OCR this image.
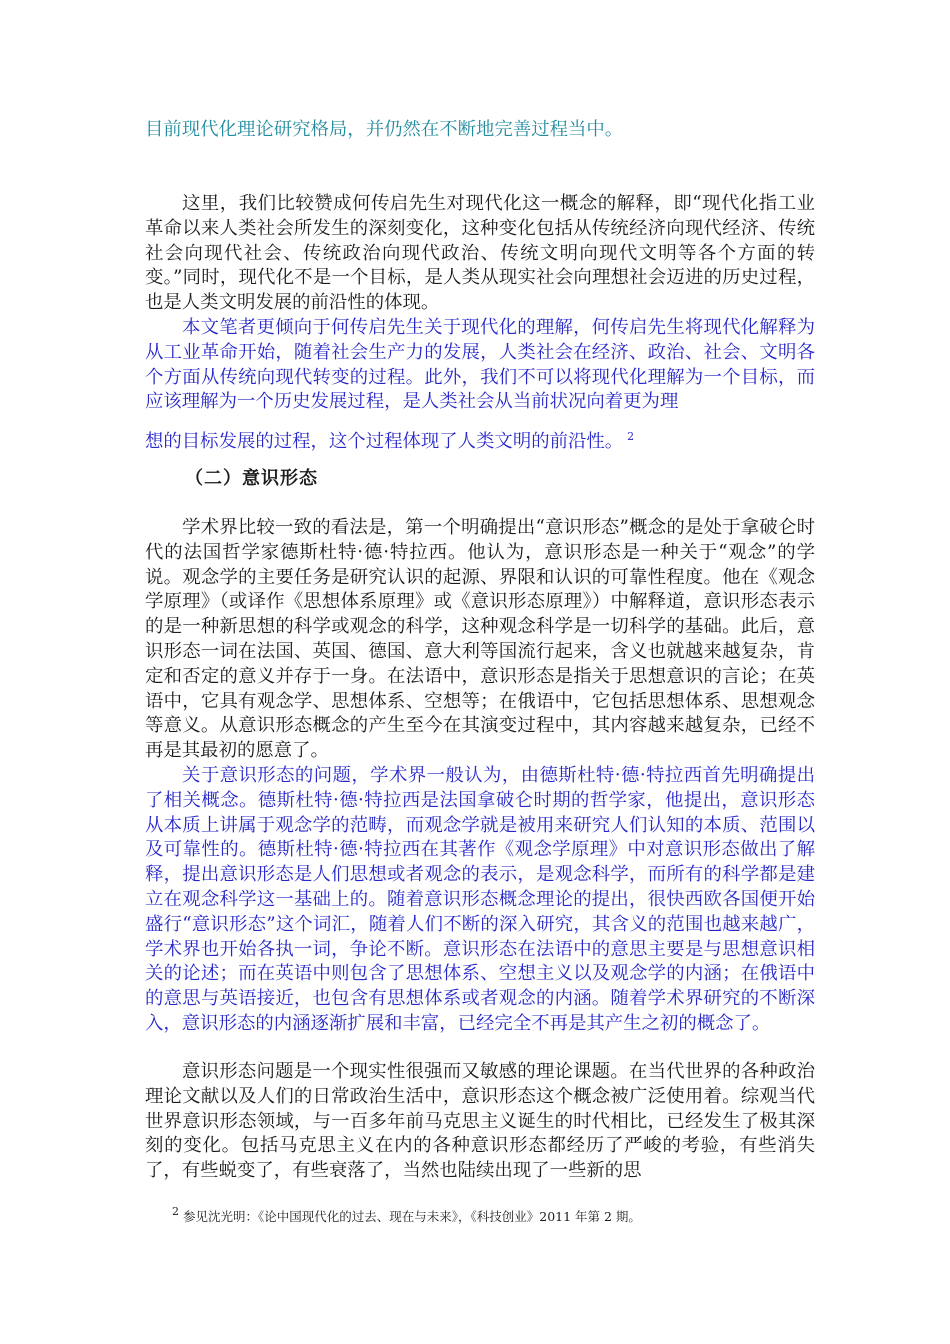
目前现代化理论研究格局，并仍然在不断地完善过程当中。

这里，我们比较赞成何传启先生对现代化这一概念的解释，即“现代化指工业革命以来人类社会所发生的深刻变化，这种变化包括从传统经济向现代经济、传统社会向现代社会、传统政治向现代政治、传统文明向现代文明等各个方面的转变。”同时，现代化不是一个目标，是人类从现实社会向理想社会迈进的历史过程，也是人类文明发展的前沿性的体现。

本文笔者更倾向于何传启先生关于现代化的理解，何传启先生将现代化解释为从工业革命开始，随着社会生产力的发展，人类社会在经济、政治、社会、文明各个方面从传统向现代转变的过程。此外，我们不可以将现代化理解为一个目标，而应该理解为一个历史发展过程，是人类社会从当前状况向着更为理

想的目标发展的过程，这个过程体现了人类文明的前沿性。 $^2$

（二）意识形态

学术界比较一致的看法是，第一个明确提出“意识形态”概念的是处于拿破仑时代的法国哲学家德斯杜特·德·特拉西。他认为，意识形态是一种关于“观念”的学说。观念学的主要任务是研究认识的起源、界限和认识的可靠性程度。他在《观念学原理》（或译作《思想体系原理》或《意识形态原理》）中解释道，意识形态表示的是一种新思想的科学或观念的科学，这种观念科学是一切科学的基础。此后，意识形态一词在法国、英国、德国、意大利等国流行起来，含义也就越来越复杂，肯定和否定的意义并存于一身。在法语中，意识形态是指关于思想意识的言论；在英语中，它具有观念学、思想体系、空想等；在俄语中，它包括思想体系、思想观念等意义。从意识形态概念的产生至今在其演变过程中，其内容越来越复杂，已经不再是其最初的愿意了。

关于意识形态的问题，学术界一般认为，由德斯杜特·德·特拉西首先明确提出了相关概念。德斯杜特·德·特拉西是法国拿破仑时期的哲学家，他提出，意识形态从本质上讲属于观念学的范畴，而观念学就是被用来研究人们认知的本质、范围以及可靠性的。德斯杜特·德·特拉西在其著作《观念学原理》中对意识形态做出了解释，提出意识形态是人们思想或者观念的表示，是观念科学，而所有的科学都是建立在观念科学这一基础上的。随着意识形态概念理论的提出，很快西欧各国便开始盛行“意识形态”这个词汇，随着人们不断的深入研究，其含义的范围也越来越广，学术界也开始各执一词，争论不断。意识形态在法语中的意思主要是与思想意识相关的论述；而在英语中则包含了思想体系、空想主义以及观念学的内涵；在俄语中的意思与英语接近，也包含有思想体系或者观念的内涵。随着学术界研究的不断深入，意识形态的内涵逐渐扩展和丰富，已经完全不再是其产生之初的概念了。

意识形态问题是一个现实性很强而又敏感的理论课题。在当代世界的各种政治理论文献以及人们的日常政治生活中，意识形态这个概念被广泛使用着。综观当代世界意识形态领域，与一百多年前马克思主义诞生的时代相比，已经发生了极其深刻的变化。包括马克思主义在内的各种意识形态都经历了严峻的考验，有些消失了，有些蜕变了，有些衰落了，当然也陆续出现了一些新的思

2 参见沈光明：《论中国现代化的过去、现在与未来》，《科技创业》2011 年第 2 期。
